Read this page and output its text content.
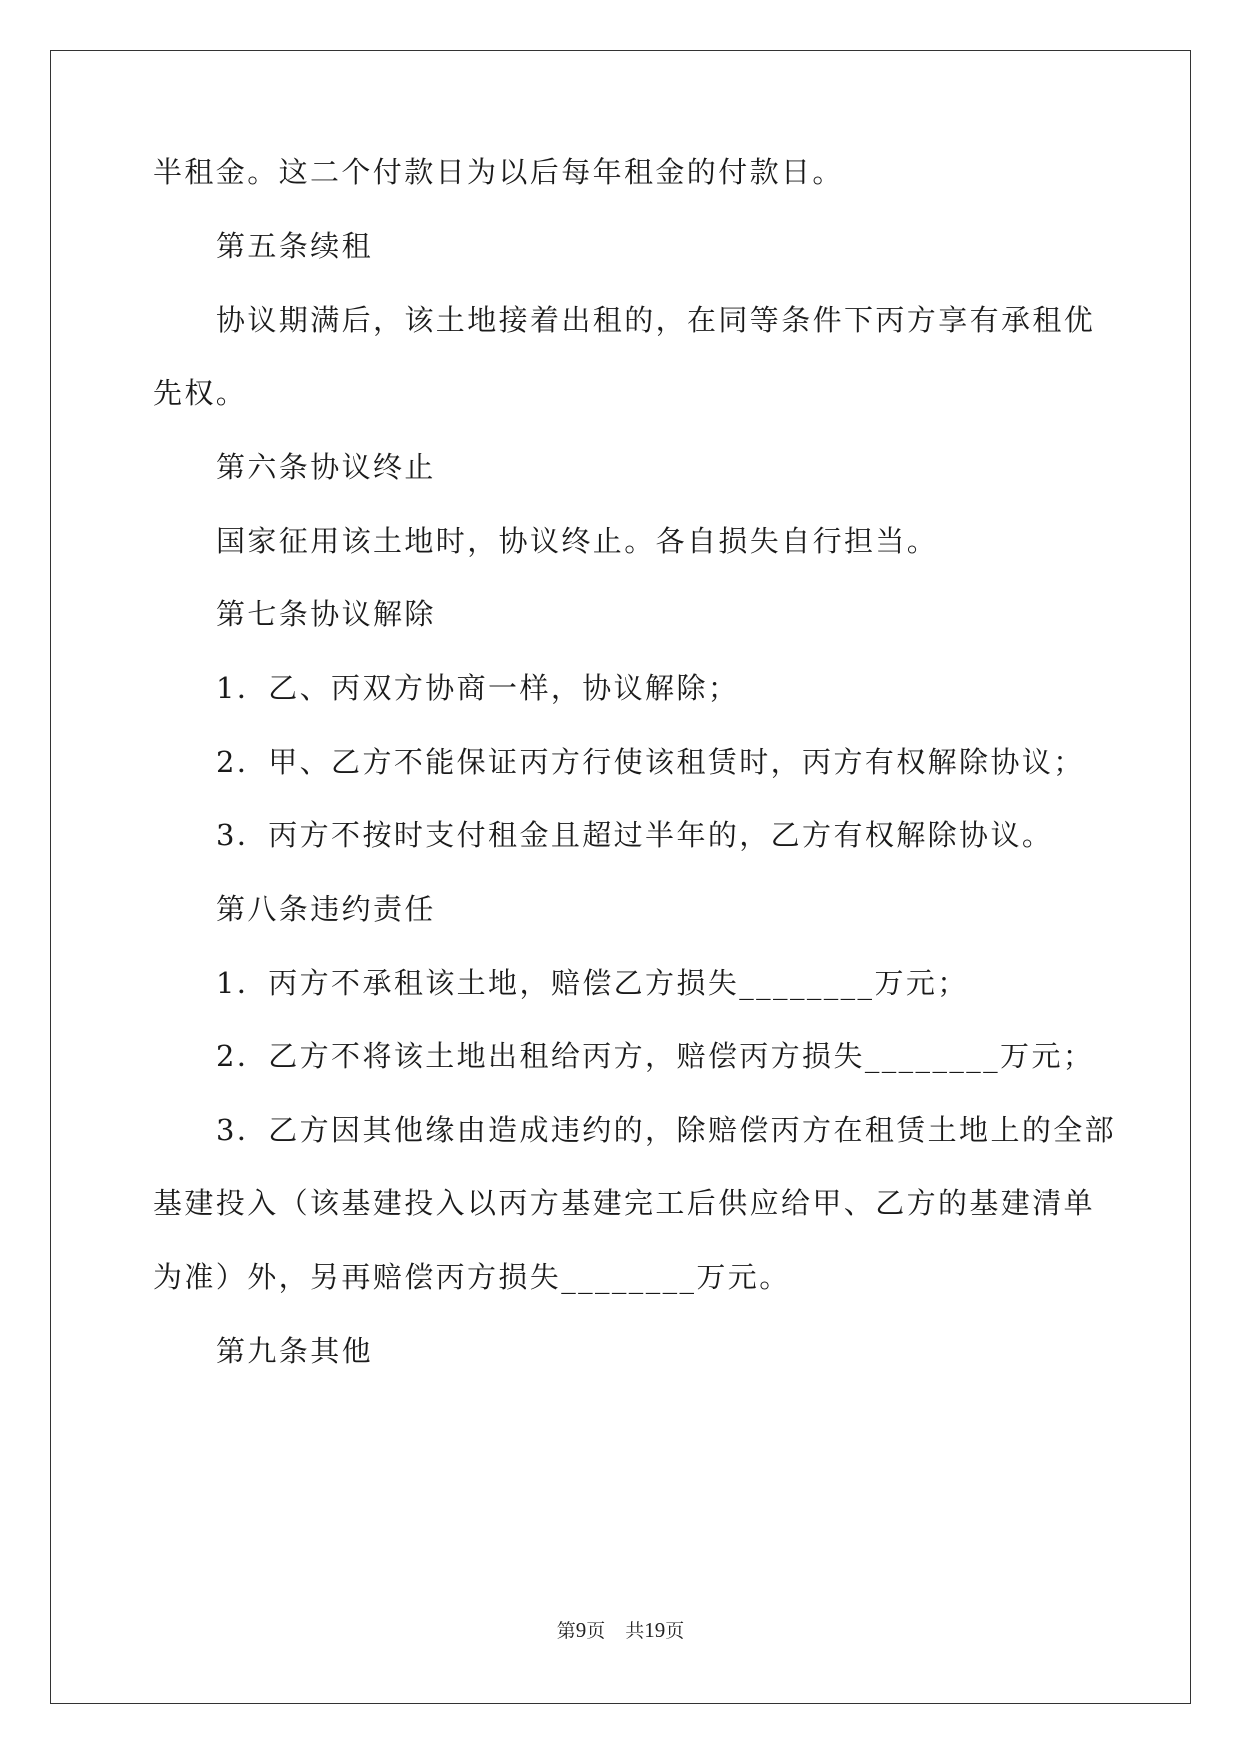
半租金。这二个付款日为以后每年租金的付款日。
第五条续租
协议期满后，该土地接着出租的，在同等条件下丙方享有承租优
先权。
第六条协议终止
国家征用该土地时，协议终止。各自损失自行担当。
第七条协议解除
1．乙、丙双方协商一样，协议解除；
2．甲、乙方不能保证丙方行使该租赁时，丙方有权解除协议；
3．丙方不按时支付租金且超过半年的，乙方有权解除协议。
第八条违约责任
1．丙方不承租该土地，赔偿乙方损失________万元；
2．乙方不将该土地出租给丙方，赔偿丙方损失________万元；
3．乙方因其他缘由造成违约的，除赔偿丙方在租赁土地上的全部
基建投入（该基建投入以丙方基建完工后供应给甲、乙方的基建清单
为准）外，另再赔偿丙方损失________万元。
第九条其他
第9页 共19页
